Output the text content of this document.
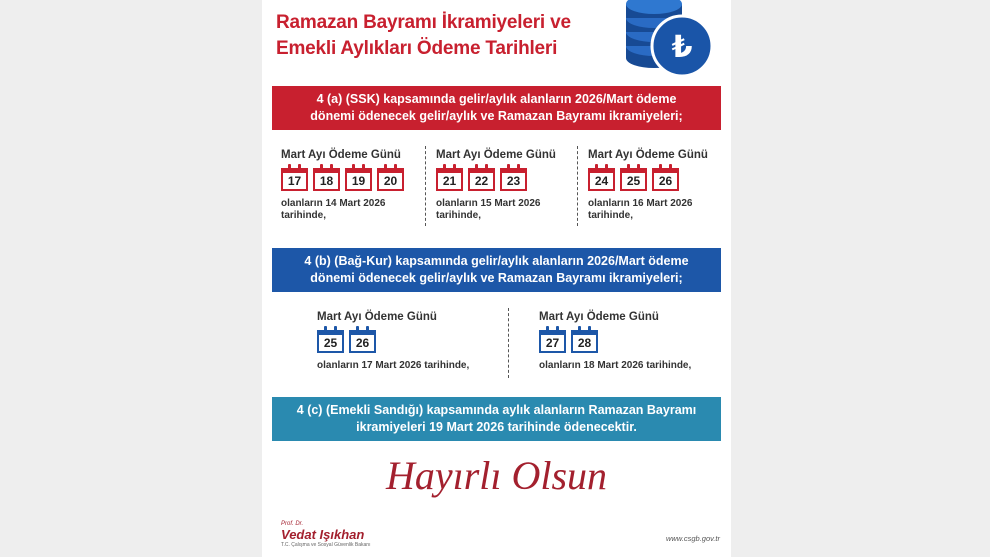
Ramazan Bayramı İkramiyeleri ve
Emekli Aylıkları Ödeme Tarihleri	₺
4 (a) (SSK) kapsamında gelir/aylık alanların 2026/Mart ödeme
dönemi ödenecek gelir/aylık ve Ramazan Bayramı ikramiyeleri;
Mart Ayı Ödeme Günü
17 18 19 20
olanların 14 Mart 2026
tarihinde,
Mart Ayı Ödeme Günü
21 22 23
olanların 15 Mart 2026
tarihinde,
Mart Ayı Ödeme Günü
24 25 26
olanların 16 Mart 2026
tarihinde,
4 (b) (Bağ-Kur) kapsamında gelir/aylık alanların 2026/Mart ödeme
dönemi ödenecek gelir/aylık ve Ramazan Bayramı ikramiyeleri;
Mart Ayı Ödeme Günü
25 26
olanların 17 Mart 2026 tarihinde,
Mart Ayı Ödeme Günü
27 28
olanların 18 Mart 2026 tarihinde,
4 (c) (Emekli Sandığı) kapsamında aylık alanların Ramazan Bayramı
ikramiyeleri 19 Mart 2026 tarihinde ödenecektir.
Hayırlı Olsun
Prof. Dr.
Vedat Işıkhan
T.C. Çalışma ve Sosyal Güvenlik Bakanı
www.csgb.gov.tr
